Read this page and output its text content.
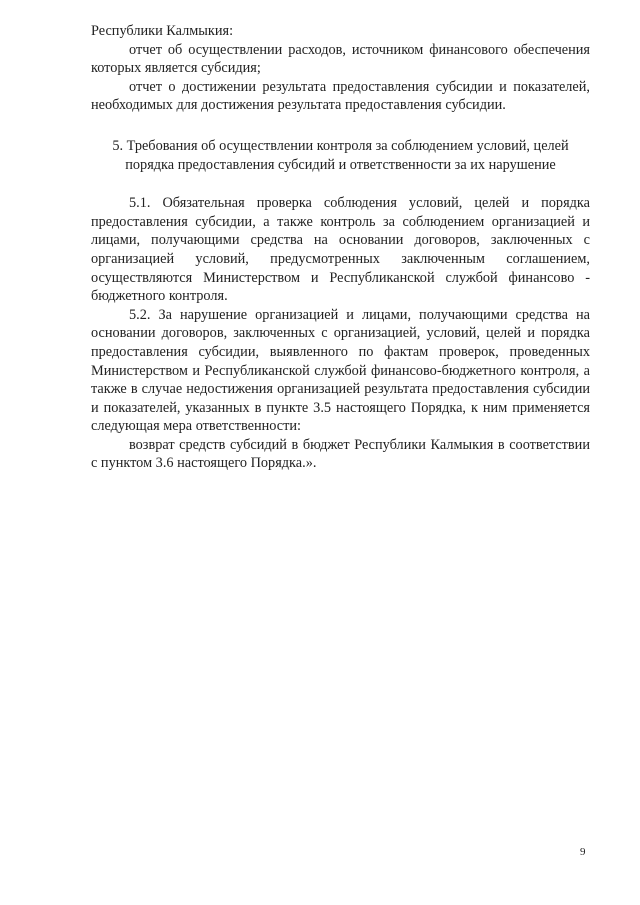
Республики Калмыкия:

отчет об осуществлении расходов, источником финансового обеспечения которых является субсидия;

отчет о достижении результата предоставления субсидии и показателей, необходимых для достижения результата предоставления субсидии.

5. Требования об осуществлении контроля за соблюдением условий, целей порядка предоставления субсидий и ответственности за их нарушение

5.1. Обязательная проверка соблюдения условий, целей и порядка предоставления субсидии, а также контроль за соблюдением организацией и лицами, получающими средства на основании договоров, заключенных с организацией условий, предусмотренных заключенным соглашением, осуществляются Министерством и Республиканской службой финансово - бюджетного контроля.

5.2. За нарушение организацией и лицами, получающими средства на основании договоров, заключенных с организацией, условий, целей и порядка предоставления субсидии, выявленного по фактам проверок, проведенных Министерством и Республиканской службой финансово-бюджетного контроля, а также в случае недостижения организацией результата предоставления субсидии и показателей, указанных в пункте 3.5 настоящего Порядка, к ним применяется следующая мера ответственности:

возврат средств субсидий в бюджет Республики Калмыкия в соответствии с пунктом 3.6 настоящего Порядка.».

9
